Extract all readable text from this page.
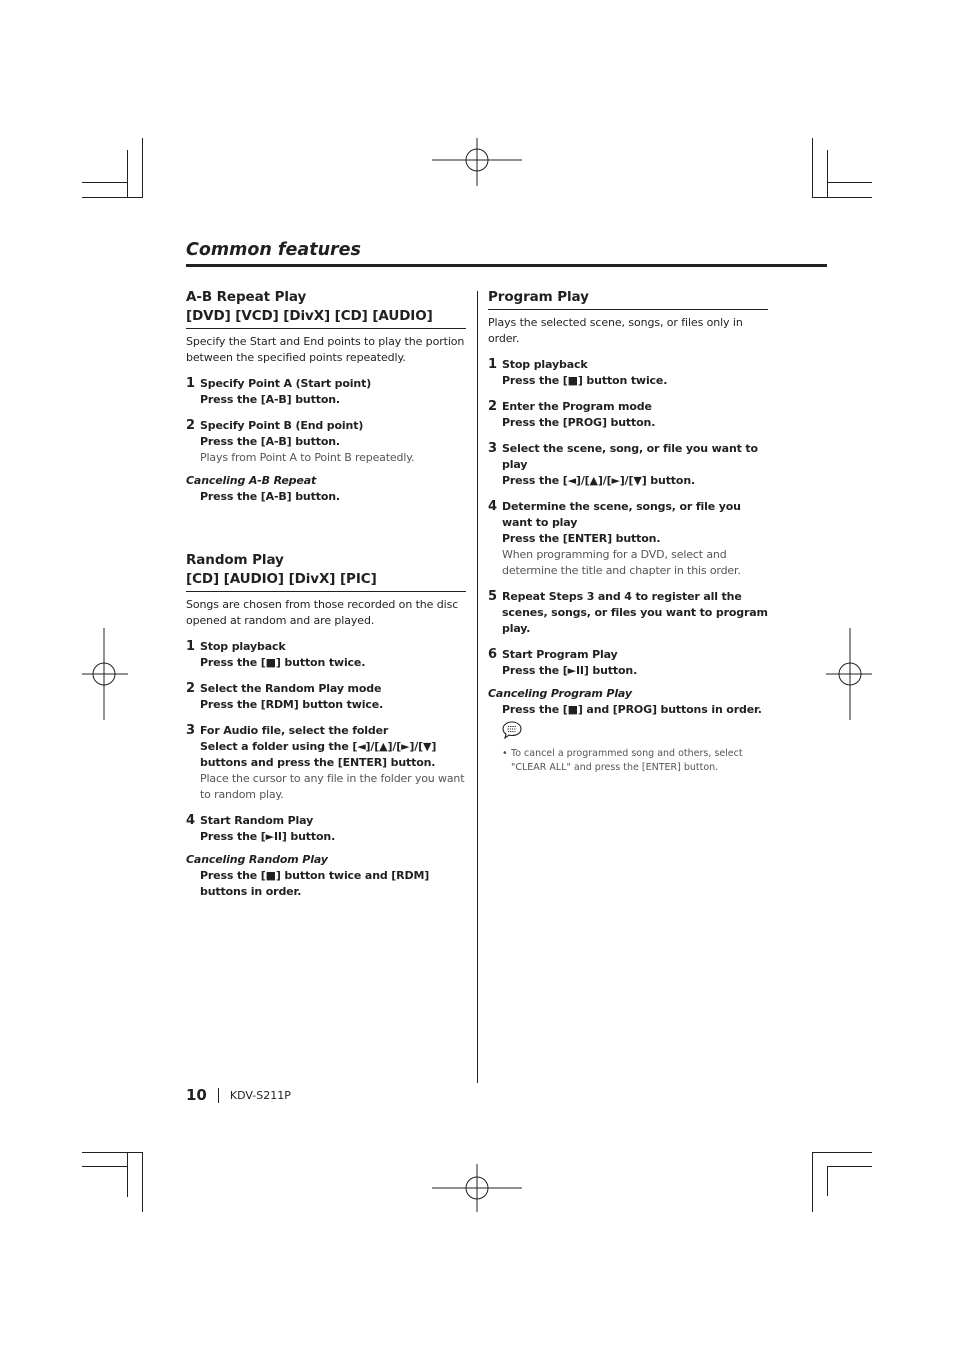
Common features
A-B Repeat Play
[DVD] [VCD] [DivX] [CD] [AUDIO]
Specify the Start and End points to play the portion between the specified points repeatedly.
1 Specify Point A (Start point)
Press the [A-B] button.
2 Specify Point B (End point)
Press the [A-B] button.
Plays from Point A to Point B repeatedly.
Canceling A-B Repeat
Press the [A-B] button.
Random Play
[CD] [AUDIO] [DivX] [PIC]
Songs are chosen from those recorded on the disc opened at random and are played.
1 Stop playback
Press the [■] button twice.
2 Select the Random Play mode
Press the [RDM] button twice.
3 For Audio file, select the folder
Select a folder using the [◄]/[▲]/[►]/[▼] buttons and press the [ENTER] button.
Place the cursor to any file in the folder you want to random play.
4 Start Random Play
Press the [►II] button.
Canceling Random Play
Press the [■] button twice and [RDM] buttons in order.
Program Play
Plays the selected scene, songs, or files only in order.
1 Stop playback
Press the [■] button twice.
2 Enter the Program mode
Press the [PROG] button.
3 Select the scene, song, or file you want to play
Press the [◄]/[▲]/[►]/[▼] button.
4 Determine the scene, songs, or file you want to play
Press the [ENTER] button.
When programming for a DVD, select and determine the title and chapter in this order.
5 Repeat Steps 3 and 4 to register all the scenes, songs, or files you want to program play.
6 Start Program Play
Press the [►II] button.
Canceling Program Play
Press the [■] and [PROG] buttons in order.
• To cancel a programmed song and others, select "CLEAR ALL" and press the [ENTER] button.
10 KDV-S211P
